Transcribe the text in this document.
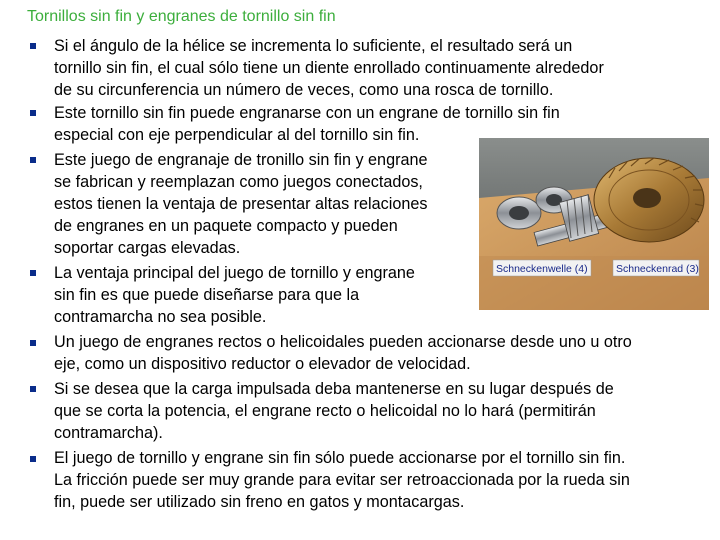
Tornillos sin fin y engranes de tornillo sin fin
Schneckenwelle (4)	Schneckenrad (3)
Si el ángulo de la hélice se incrementa lo suficiente, el resultado será un
tornillo sin fin, el cual sólo tiene un diente enrollado continuamente alrededor
de su circunferencia un número de veces, como una rosca de tornillo.
Este tornillo sin fin puede engranarse con un engrane de tornillo sin fin
especial con eje perpendicular al del tornillo sin fin.
Este juego de engranaje de tronillo sin fin y engrane
se fabrican y reemplazan como juegos conectados,
estos tienen la ventaja de presentar altas relaciones
de engranes en un paquete compacto y pueden
soportar cargas elevadas.
La ventaja principal del juego de tornillo y engrane
sin fin es que puede diseñarse para que la
contramarcha no sea posible.
Un juego de engranes rectos o helicoidales pueden accionarse desde uno u otro
eje, como un dispositivo reductor o elevador de velocidad.
Si se desea que la carga impulsada deba mantenerse en su lugar después de
que se corta la potencia, el engrane recto o helicoidal no lo hará (permitirán
contramarcha).
El juego de tornillo y engrane sin fin sólo puede accionarse por el tornillo sin fin.
La fricción puede ser muy grande para evitar ser retroaccionada por la rueda sin
fin, puede ser utilizado sin freno en gatos y montacargas.
